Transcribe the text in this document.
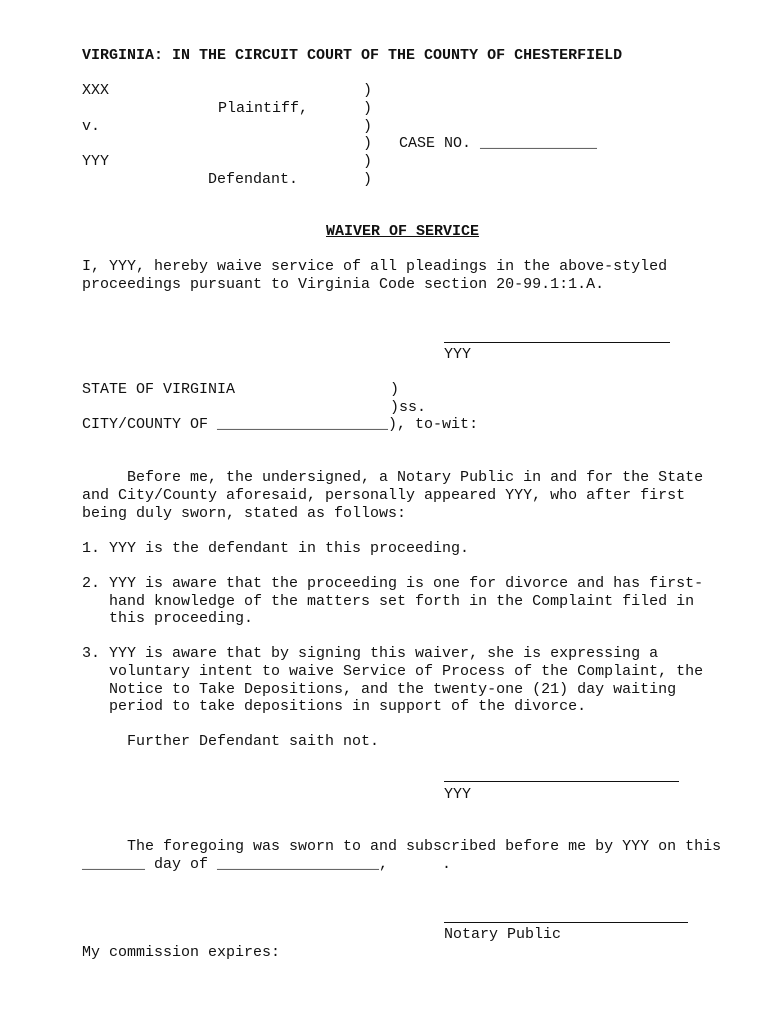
VIRGINIA: IN THE CIRCUIT COURT OF THE COUNTY OF CHESTERFIELD
XXX
Plaintiff,
v.
YYY
Defendant.
)
)
)
)
)
)
CASE NO. _____________
WAIVER OF SERVICE
I, YYY, hereby waive service of all pleadings in the above-styled
proceedings pursuant to Virginia Code section 20-99.1:1.A.
YYY
STATE OF VIRGINIA	)
)ss.
CITY/COUNTY OF ___________________), to-wit:
Before me, the undersigned, a Notary Public in and for the State
and City/County aforesaid, personally appeared YYY, who after first
being duly sworn, stated as follows:
1. YYY is the defendant in this proceeding.
2. YYY is aware that the proceeding is one for divorce and has first-
hand knowledge of the matters set forth in the Complaint filed in
this proceeding.
3. YYY is aware that by signing this waiver, she is expressing a
voluntary intent to waive Service of Process of the Complaint, the
Notice to Take Depositions, and the twenty-one (21) day waiting
period to take depositions in support of the divorce.
Further Defendant saith not.
YYY
The foregoing was sworn to and subscribed before me by YYY on this
_______ day of __________________,      .
Notary Public
My commission expires:
